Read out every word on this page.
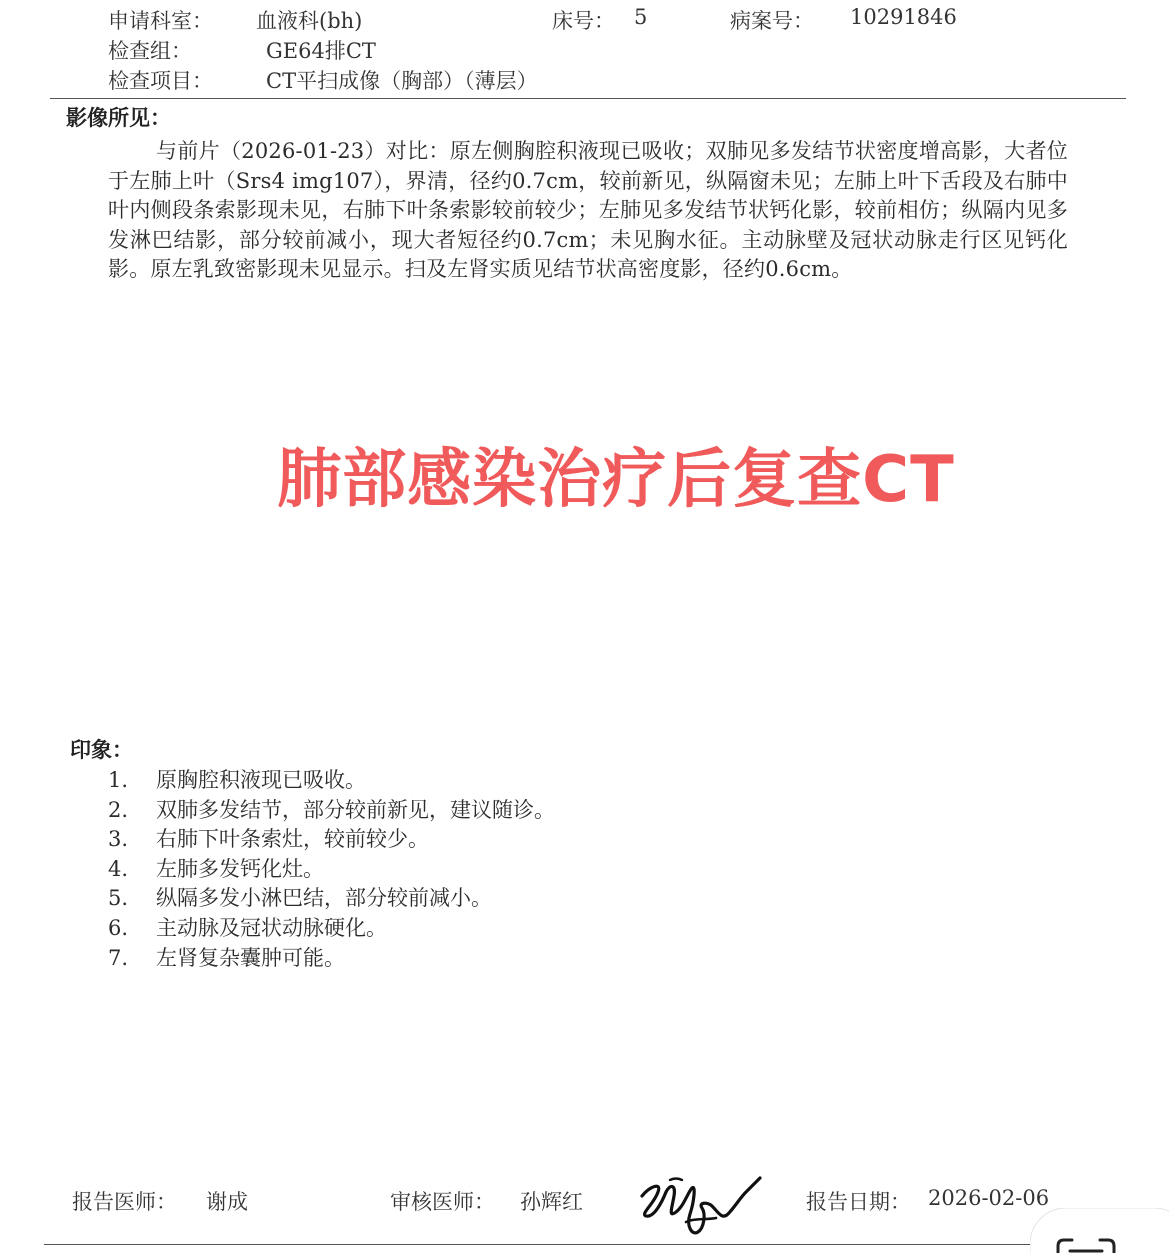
申请科室： 血液科(bh)	床号： 5	病案号： 10291846
检查组：	GE64排CT
检查项目：	CT平扫成像（胸部）（薄层）
影像所见：
与前片（2026-01-23）对比：原左侧胸腔积液现已吸收；双肺见多发结节状密度增高影，大者位于左肺上叶（Srs4 img107），界清，径约0.7cm，较前新见，纵隔窗未见；左肺上叶下舌段及右肺中叶内侧段条索影现未见，右肺下叶条索影较前较少；左肺见多发结节状钙化影，较前相仿；纵隔内见多发淋巴结影，部分较前减小，现大者短径约0.7cm；未见胸水征。主动脉壁及冠状动脉走行区见钙化影。原左乳致密影现未见显示。扫及左肾实质见结节状高密度影，径约0.6cm。
肺部感染治疗后复查CT
印象：
1. 原胸腔积液现已吸收。
2. 双肺多发结节，部分较前新见，建议随诊。
3. 右肺下叶条索灶，较前较少。
4. 左肺多发钙化灶。
5. 纵隔多发小淋巴结，部分较前减小。
6. 主动脉及冠状动脉硬化。
7. 左肾复杂囊肿可能。
报告医师： 谢成	审核医师： 孙辉红	报告日期： 2026-02-06
